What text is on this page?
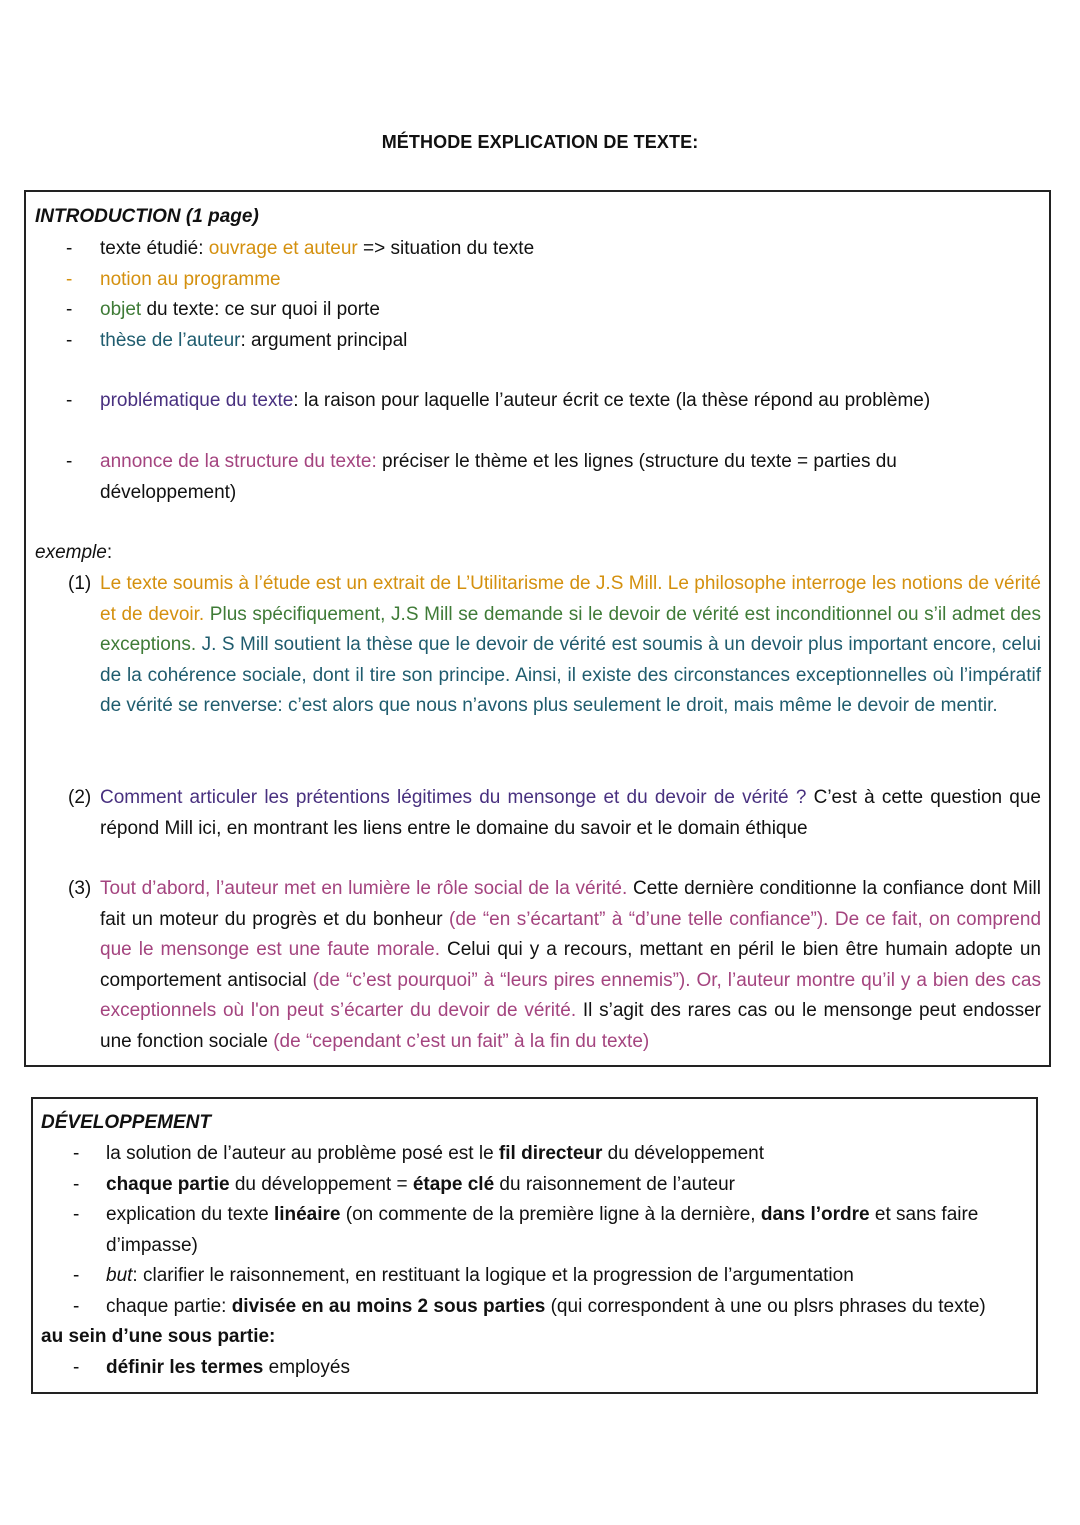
MÉTHODE EXPLICATION DE TEXTE:
INTRODUCTION (1 page)
- texte étudié: ouvrage et auteur => situation du texte
- notion au programme
- objet du texte: ce sur quoi il porte
- thèse de l’auteur: argument principal
- problématique du texte: la raison pour laquelle l’auteur écrit ce texte (la thèse répond au problème)
- annonce de la structure du texte: préciser le thème et les lignes (structure du texte = parties du
développement)
exemple:
(1) Le texte soumis à l’étude est un extrait de L’Utilitarisme de J.S Mill. Le philosophe interroge les notions de vérité et de devoir. Plus spécifiquement, J.S Mill se demande si le devoir de vérité est inconditionnel ou s’il admet des exceptions. J. S Mill soutient la thèse que le devoir de vérité est soumis à un devoir plus important encore, celui de la cohérence sociale, dont il tire son principe. Ainsi, il existe des circonstances exceptionnelles où l’impératif de vérité se renverse: c’est alors que nous n’avons plus seulement le droit, mais même le devoir de mentir.
(2) Comment articuler les prétentions légitimes du mensonge et du devoir de vérité ? C’est à cette question que répond Mill ici, en montrant les liens entre le domaine du savoir et le domain éthique
(3) Tout d’abord, l’auteur met en lumière le rôle social de la vérité. Cette dernière conditionne la confiance dont Mill fait un moteur du progrès et du bonheur (de “en s’écartant” à “d’une telle confiance”). De ce fait, on comprend que le mensonge est une faute morale. Celui qui y a recours, mettant en péril le bien être humain adopte un comportement antisocial (de “c’est pourquoi” à “leurs pires ennemis”). Or, l’auteur montre qu’il y a bien des cas exceptionnels où l'on peut s’écarter du devoir de vérité. Il s’agit des rares cas ou le mensonge peut endosser une fonction sociale (de “cependant c’est un fait” à la fin du texte)
DÉVELOPPEMENT
- la solution de l’auteur au problème posé est le fil directeur du développement
- chaque partie du développement = étape clé du raisonnement de l’auteur
- explication du texte linéaire (on commente de la première ligne à la dernière, dans l’ordre et sans faire
d’impasse)
- but: clarifier le raisonnement, en restituant la logique et la progression de l’argumentation
- chaque partie: divisée en au moins 2 sous parties (qui correspondent à une ou plsrs phrases du texte)
au sein d’une sous partie:
- définir les termes employés
